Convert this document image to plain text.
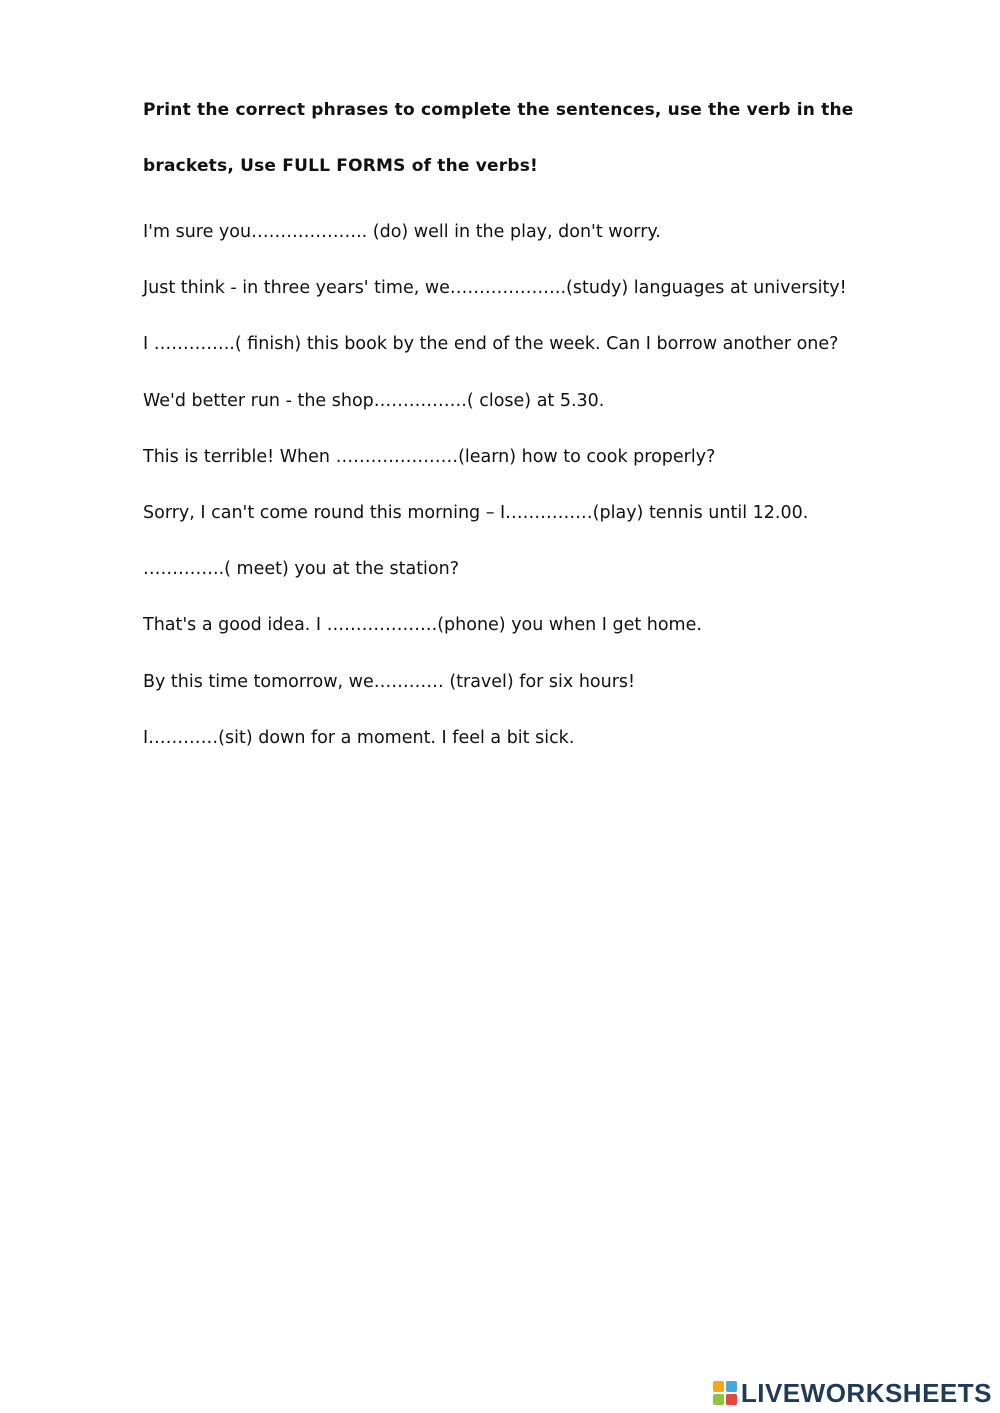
Print the correct phrases to complete the sentences, use the verb in the

brackets, Use FULL FORMS of the verbs!

I'm sure you……………….. (do) well in the play, don't worry.
Just think - in three years' time, we………………..(study) languages at university!
I …………..( finish) this book by the end of the week. Can I borrow another one?
We'd better run - the shop…………….( close) at 5.30.
This is terrible! When …………………(learn) how to cook properly?
Sorry, I can't come round this morning – I……………(play) tennis until 12.00.
…………..( meet) you at the station?
That's a good idea. I ……………….(phone) you when I get home.
By this time tomorrow, we………… (travel) for six hours!
I…………(sit) down for a moment. I feel a bit sick.
LIVEWORKSHEETS
